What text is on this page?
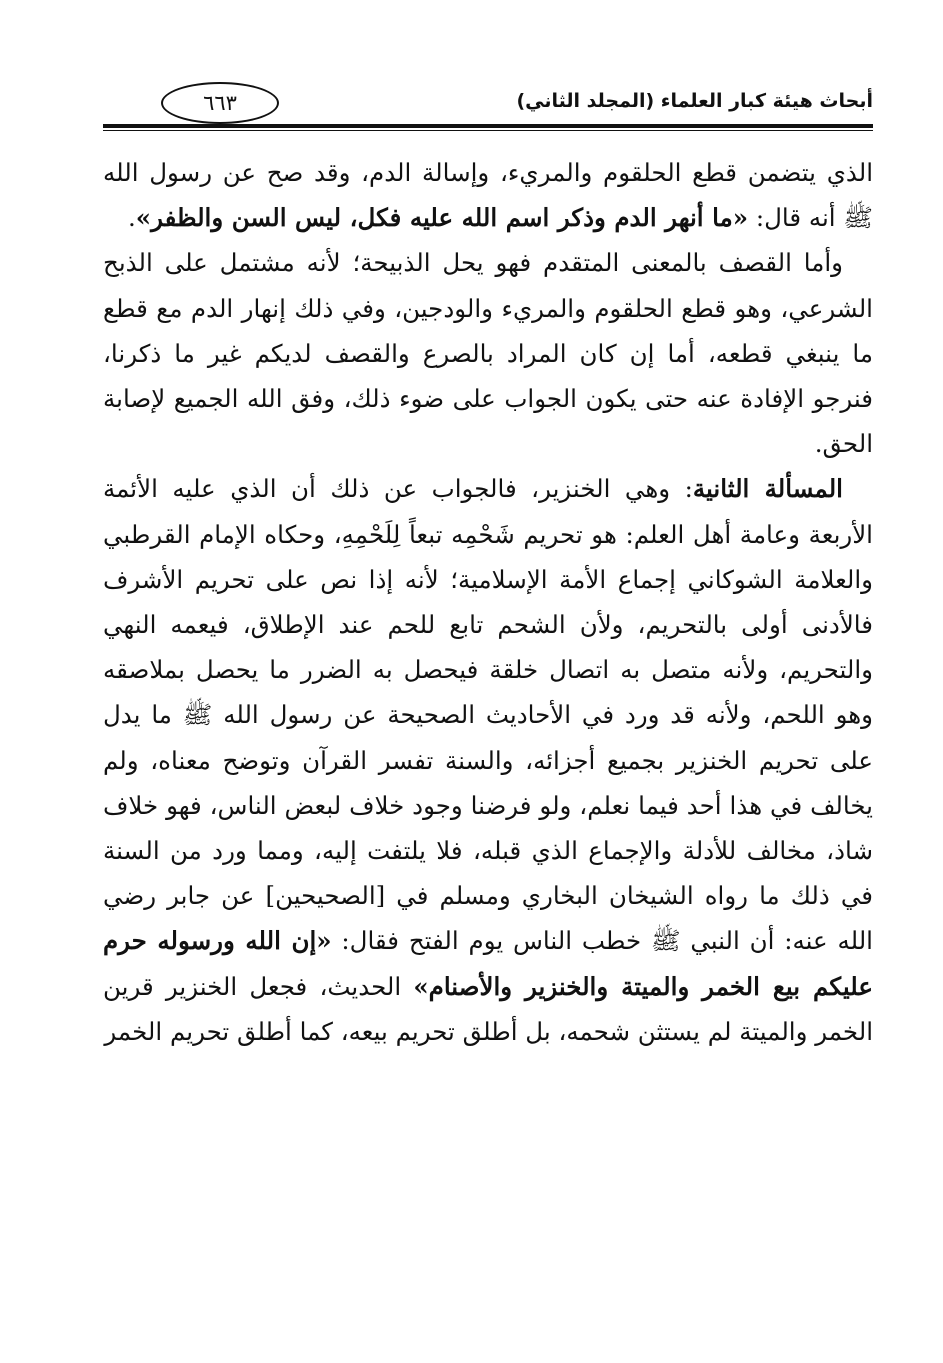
أبحاث هيئة كبار العلماء (المجلد الثاني)
٦٦٣

الذي يتضمن قطع الحلقوم والمريء، وإسالة الدم، وقد صح عن رسول الله ﷺ أنه قال: «ما أنهر الدم وذكر اسم الله عليه فكل، ليس السن والظفر».

وأما القصف بالمعنى المتقدم فهو يحل الذبيحة؛ لأنه مشتمل على الذبح الشرعي، وهو قطع الحلقوم والمريء والودجين، وفي ذلك إنهار الدم مع قطع ما ينبغي قطعه، أما إن كان المراد بالصرع والقصف لديكم غير ما ذكرنا، فنرجو الإفادة عنه حتى يكون الجواب على ضوء ذلك، وفق الله الجميع لإصابة الحق.

المسألة الثانية: وهي الخنزير، فالجواب عن ذلك أن الذي عليه الأئمة الأربعة وعامة أهل العلم: هو تحريم شَحْمِه تبعاً لِلَحْمِهِ، وحكاه الإمام القرطبي والعلامة الشوكاني إجماع الأمة الإسلامية؛ لأنه إذا نص على تحريم الأشرف فالأدنى أولى بالتحريم، ولأن الشحم تابع للحم عند الإطلاق، فيعمه النهي والتحريم، ولأنه متصل به اتصال خلقة فيحصل به الضرر ما يحصل بملاصقه وهو اللحم، ولأنه قد ورد في الأحاديث الصحيحة عن رسول الله ﷺ ما يدل على تحريم الخنزير بجميع أجزائه، والسنة تفسر القرآن وتوضح معناه، ولم يخالف في هذا أحد فيما نعلم، ولو فرضنا وجود خلاف لبعض الناس، فهو خلاف شاذ، مخالف للأدلة والإجماع الذي قبله، فلا يلتفت إليه، ومما ورد من السنة في ذلك ما رواه الشيخان البخاري ومسلم في [الصحيحين] عن جابر رضي الله عنه: أن النبي ﷺ خطب الناس يوم الفتح فقال: «إن الله ورسوله حرم عليكم بيع الخمر والميتة والخنزير والأصنام» الحديث، فجعل الخنزير قرين الخمر والميتة لم يستثن شحمه، بل أطلق تحريم بيعه، كما أطلق تحريم الخمر
